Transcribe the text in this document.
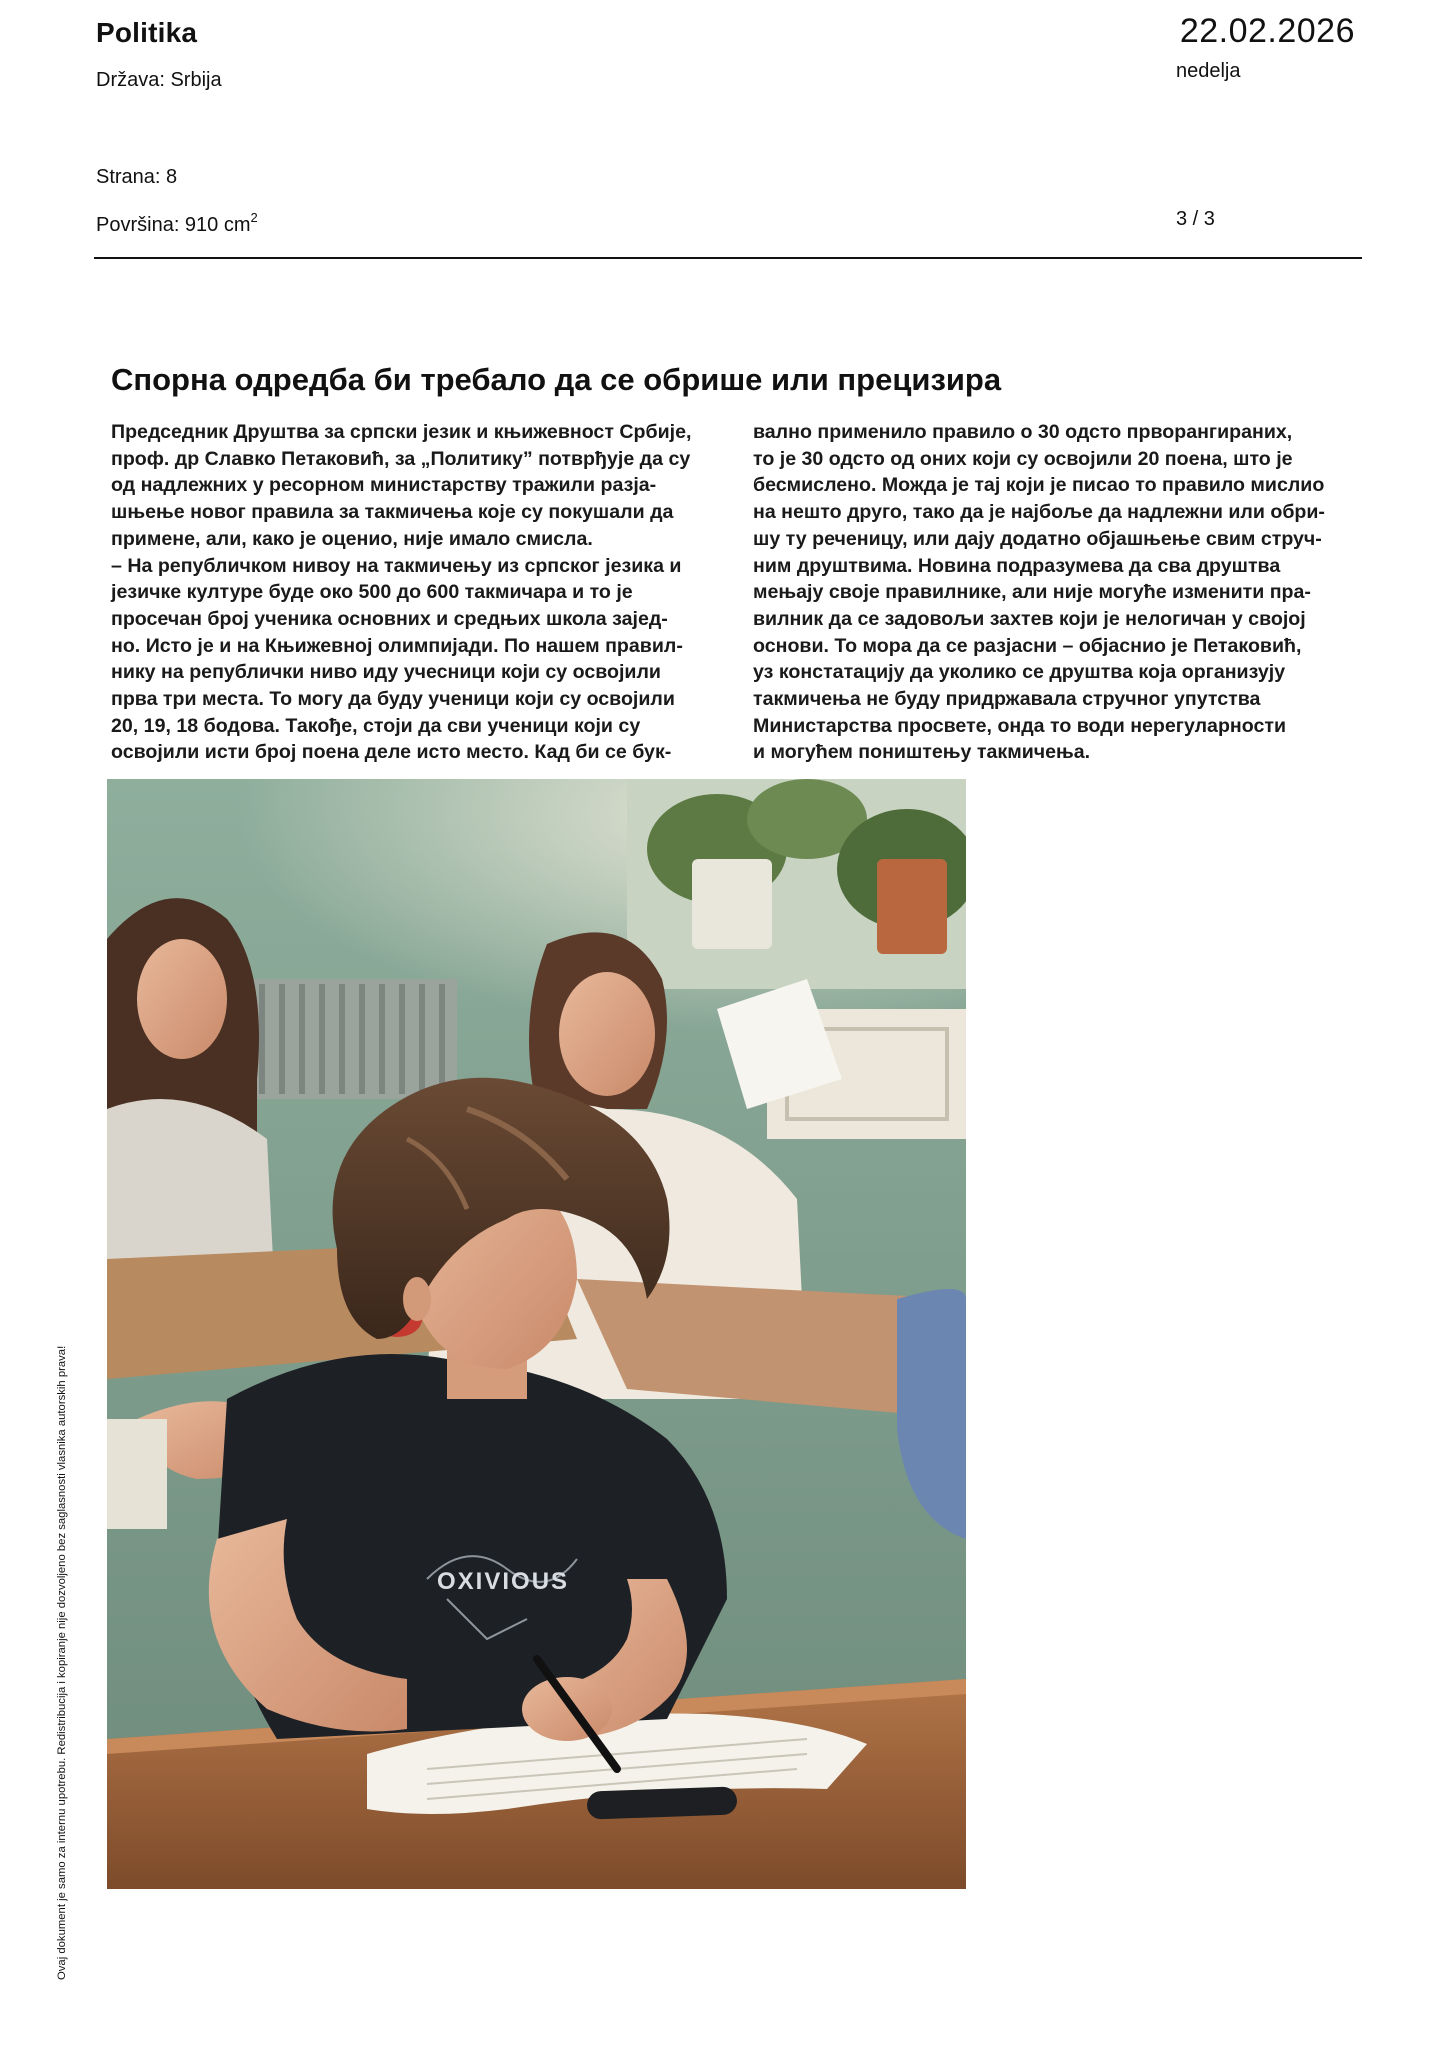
Politika
Država: Srbija
Strana: 8
Površina: 910 $cm^2$
22.02.2026
nedelja
3 / 3
Спорна одредба би требало да се обрише или прецизира
Председник Друштва за српски језик и књижевност Србије,
проф. др Славко Петаковић, за „Политику” потврђује да су
од надлежних у ресорном министарству тражили разја-
шњење новог правила за такмичења које су покушали да
примене, али, како је оценио, није имало смисла.
– На републичком нивоу на такмичењу из српског језика и
језичке културе буде око 500 до 600 такмичара и то је
просечан број ученика основних и средњих школа зајед-
но. Исто је и на Књижевној олимпијади. По нашем правил-
нику на републички ниво иду учесници који су освојили
прва три места. То могу да буду ученици који су освојили
20, 19, 18 бодова. Такође, стоји да сви ученици који су
освојили исти број поена деле исто место. Кад би се бук-
вално применило правило о 30 одсто прворангираних,
то је 30 одсто од оних који су освојили 20 поена, што је
бесмислено. Можда је тај који је писао то правило мислио
на нешто друго, тако да је најбоље да надлежни или обри-
шу ту реченицу, или дају додатно објашњење свим струч-
ним друштвима. Новина подразумева да сва друштва
мењају своје правилнике, али није могуће изменити пра-
вилник да се задовољи захтев који је нелогичан у својој
основи. То мора да се разјасни – објаснио је Петаковић,
уз констатацију да уколико се друштва која организују
такмичења не буду придржавала стручног упутства
Министарства просвете, онда то води нерегуларности
и могућем поништењу такмичења.
OXIVIOUS
Ovaj dokument je samo za internu upotrebu. Redistribucija i kopiranje nije dozvoljeno bez saglasnosti vlasnika autorskih prava!
